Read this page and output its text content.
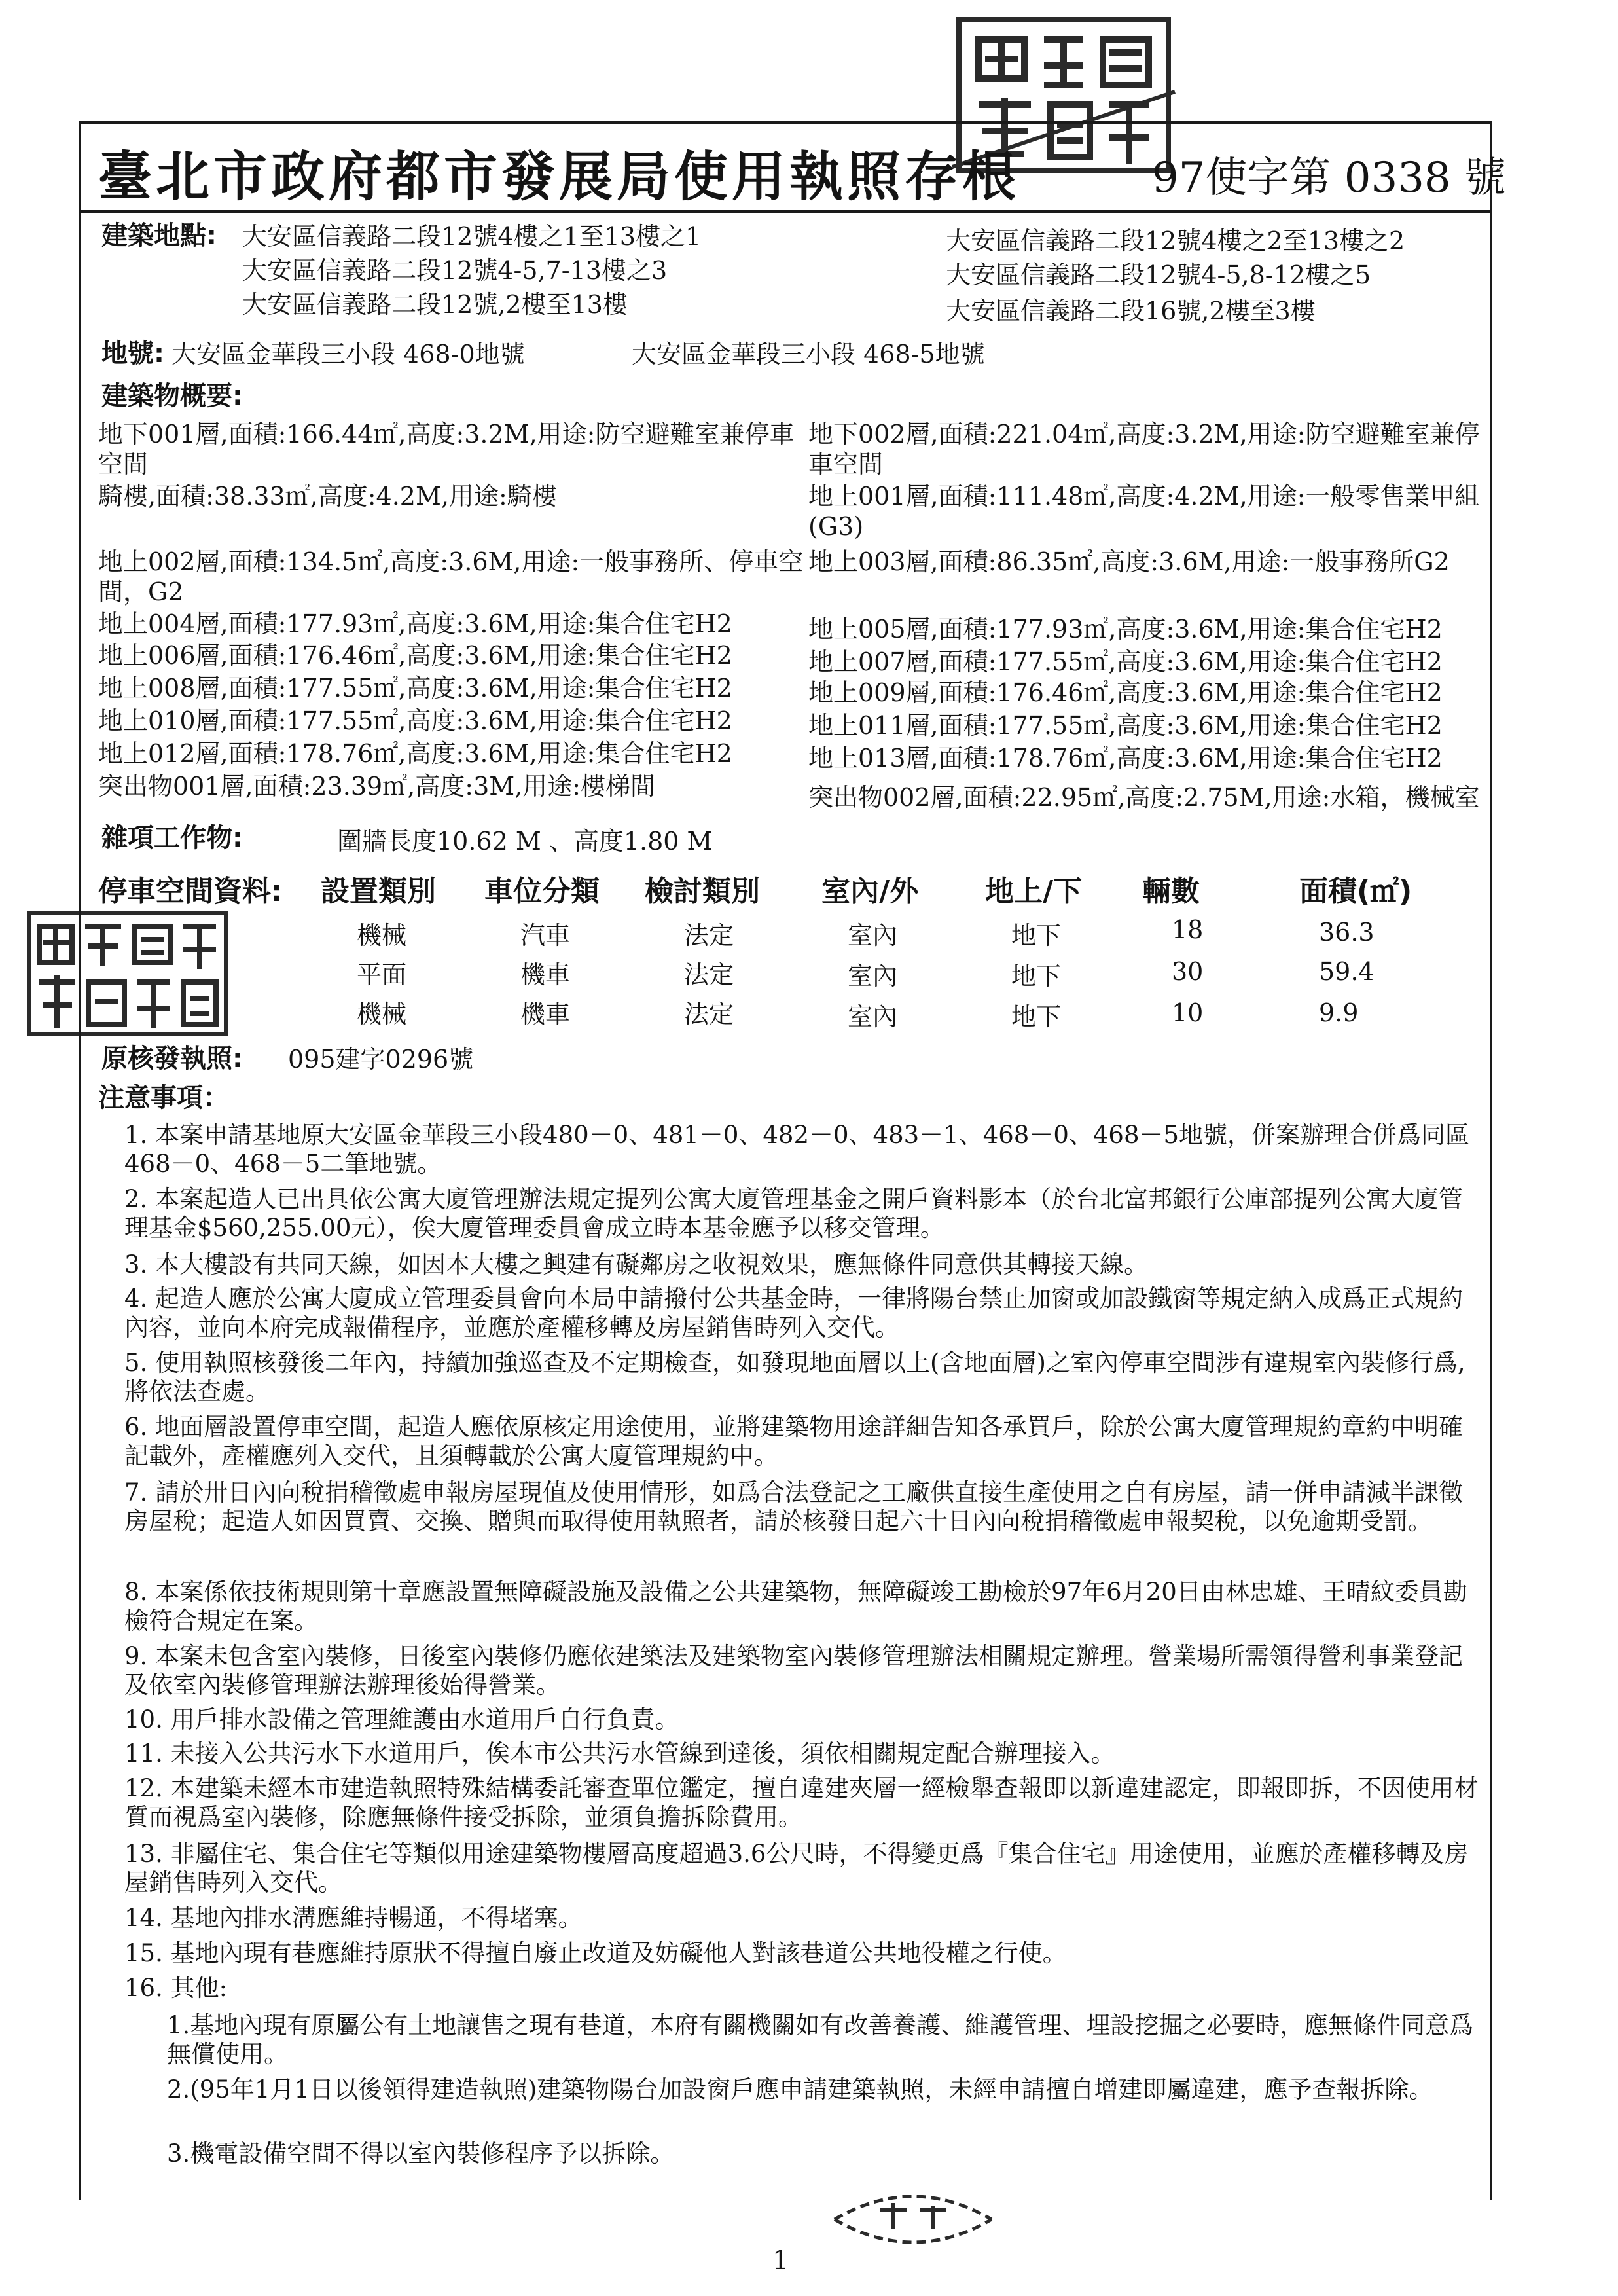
臺北市政府都市發展局使用執照存根	97使字第 0338 號
建築地點: 大安區信義路二段12號4樓之1至13樓之1
大安區信義路二段12號4-5,7-13樓之3
大安區信義路二段12號,2樓至13樓
大安區信義路二段12號4樓之2至13樓之2
大安區信義路二段12號4-5,8-12樓之5
大安區信義路二段16號,2樓至3樓
地號: 大安區金華段三小段 468-0地號	大安區金華段三小段 468-5地號
建築物概要:
地下001層,面積:166.44㎡,高度:3.2M,用途:防空避難室兼停車空間
騎樓,面積:38.33㎡,高度:4.2M,用途:騎樓
地上002層,面積:134.5㎡,高度:3.6M,用途:一般事務所、停車空間，G2
地上004層,面積:177.93㎡,高度:3.6M,用途:集合住宅H2
地上006層,面積:176.46㎡,高度:3.6M,用途:集合住宅H2
地上008層,面積:177.55㎡,高度:3.6M,用途:集合住宅H2
地上010層,面積:177.55㎡,高度:3.6M,用途:集合住宅H2
地上012層,面積:178.76㎡,高度:3.6M,用途:集合住宅H2
突出物001層,面積:23.39㎡,高度:3M,用途:樓梯間
地下002層,面積:221.04㎡,高度:3.2M,用途:防空避難室兼停車空間
地上001層,面積:111.48㎡,高度:4.2M,用途:一般零售業甲組(G3)
地上003層,面積:86.35㎡,高度:3.6M,用途:一般事務所G2
地上005層,面積:177.93㎡,高度:3.6M,用途:集合住宅H2
地上007層,面積:177.55㎡,高度:3.6M,用途:集合住宅H2
地上009層,面積:176.46㎡,高度:3.6M,用途:集合住宅H2
地上011層,面積:177.55㎡,高度:3.6M,用途:集合住宅H2
地上013層,面積:178.76㎡,高度:3.6M,用途:集合住宅H2
突出物002層,面積:22.95㎡,高度:2.75M,用途:水箱，機械室
雜項工作物:	圍牆長度10.62 M 、高度1.80 M
停車空間資料: 設置類別 車位分類 檢討類別 室內/外 地上/下 輛數	面積(㎡)
機械	汽車	法定	室內	地下	18	36.3
平面	機車	法定	室內	地下	30	59.4
機械	機車	法定	室內	地下	10	9.9
原核發執照: 095建字0296號
注意事項：
1. 本案申請基地原大安區金華段三小段480－0、481－0、482－0、483－1、468－0、468－5地號，併案辦理合併爲同區468－0、468－5二筆地號。
2. 本案起造人已出具依公寓大廈管理辦法規定提列公寓大廈管理基金之開戶資料影本（於台北富邦銀行公庫部提列公寓大廈管理基金$560,255.00元），俟大廈管理委員會成立時本基金應予以移交管理。
3. 本大樓設有共同天線，如因本大樓之興建有礙鄰房之收視效果，應無條件同意供其轉接天線。
4. 起造人應於公寓大廈成立管理委員會向本局申請撥付公共基金時，一律將陽台禁止加窗或加設鐵窗等規定納入成爲正式規約內容，並向本府完成報備程序，並應於產權移轉及房屋銷售時列入交代。
5. 使用執照核發後二年內，持續加強巡查及不定期檢查，如發現地面層以上(含地面層)之室內停車空間涉有違規室內裝修行爲,將依法查處。
6. 地面層設置停車空間，起造人應依原核定用途使用，並將建築物用途詳細告知各承買戶，除於公寓大廈管理規約章約中明確記載外，產權應列入交代，且須轉載於公寓大廈管理規約中。
7. 請於卅日內向稅捐稽徵處申報房屋現值及使用情形，如爲合法登記之工廠供直接生產使用之自有房屋，請一併申請減半課徵房屋稅；起造人如因買賣、交換、贈與而取得使用執照者，請於核發日起六十日內向稅捐稽徵處申報契稅，以免逾期受罰。
8. 本案係依技術規則第十章應設置無障礙設施及設備之公共建築物，無障礙竣工勘檢於97年6月20日由林忠雄、王晴紋委員勘檢符合規定在案。
9. 本案未包含室內裝修，日後室內裝修仍應依建築法及建築物室內裝修管理辦法相關規定辦理。營業場所需領得營利事業登記及依室內裝修管理辦法辦理後始得營業。
10. 用戶排水設備之管理維護由水道用戶自行負責。
11. 未接入公共污水下水道用戶，俟本市公共污水管線到達後，須依相關規定配合辦理接入。
12. 本建築未經本市建造執照特殊結構委託審查單位鑑定，擅自違建夾層一經檢舉查報即以新違建認定，即報即拆，不因使用材質而視爲室內裝修，除應無條件接受拆除，並須負擔拆除費用。
13. 非屬住宅、集合住宅等類似用途建築物樓層高度超過3.6公尺時，不得變更爲『集合住宅』用途使用，並應於產權移轉及房屋銷售時列入交代。
14. 基地內排水溝應維持暢通，不得堵塞。
15. 基地內現有巷應維持原狀不得擅自廢止改道及妨礙他人對該巷道公共地役權之行使。
16. 其他:
1.基地內現有原屬公有土地讓售之現有巷道，本府有關機關如有改善養護、維護管理、埋設挖掘之必要時，應無條件同意爲無償使用。
2.(95年1月1日以後領得建造執照)建築物陽台加設窗戶應申請建築執照，未經申請擅自增建即屬違建，應予查報拆除。
3.機電設備空間不得以室內裝修程序予以拆除。
1
